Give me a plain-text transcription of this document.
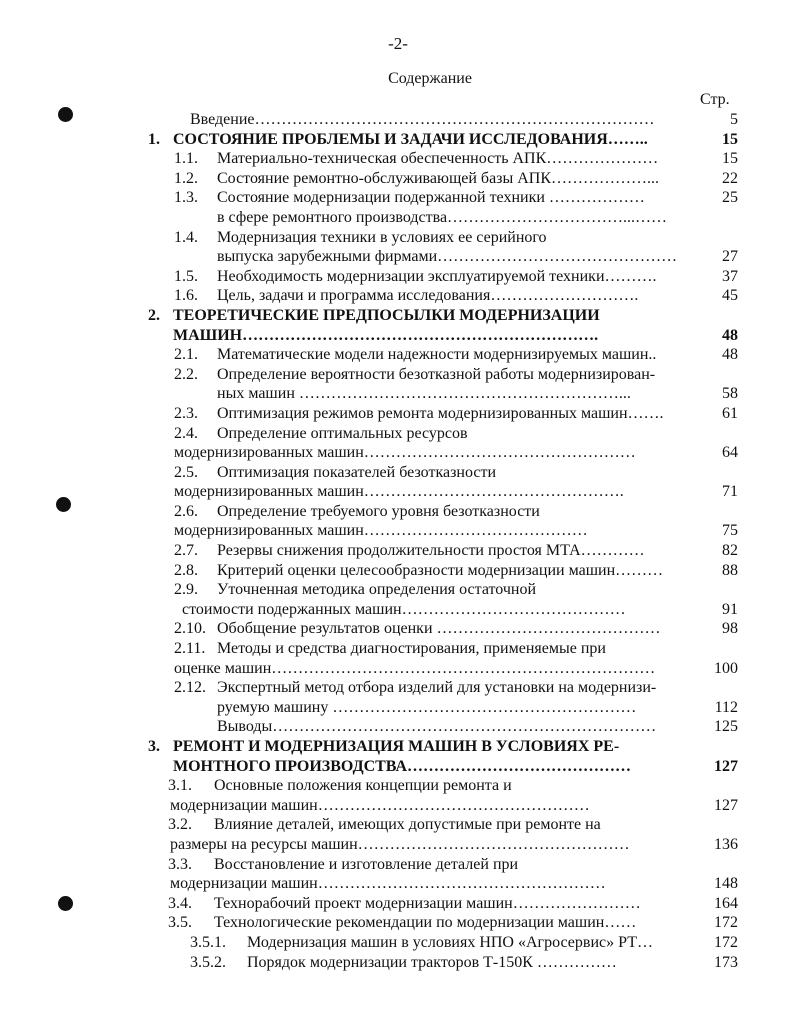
-2-
Содержание
Стр.
Введение…………………………………………………………………	5
1. СОСТОЯНИЕ ПРОБЛЕМЫ И ЗАДАЧИ ИССЛЕДОВАНИЯ……..	15
1.1. Материально-техническая обеспеченность АПК…………………	15
1.2. Состояние ремонтно-обслуживающей базы АПК………………...	22
1.3. Состояние модернизации подержанной техники ………………	25
в сфере ремонтного производства……………………………...……
1.4. Модернизация техники в условиях ее серийного
выпуска зарубежными фирмами………………………………………	27
1.5. Необходимость модернизации эксплуатируемой техники……….	37
1.6. Цель, задачи и программа исследования……………………….	45
2. ТЕОРЕТИЧЕСКИЕ ПРЕДПОСЫЛКИ МОДЕРНИЗАЦИИ
МАШИН………………………………………………………….	48
2.1. Математические модели надежности модернизируемых машин..	48
2.2. Определение вероятности безотказной работы модернизирован-
ных машин ……………………………………………………...	58
2.3. Оптимизация режимов ремонта модернизированных машин…….	61
2.4. Определение оптимальных ресурсов
модернизированных машин……………………………………………	64
2.5. Оптимизация показателей безотказности
модернизированных машин………………………………………….	71
2.6. Определение требуемого уровня безотказности
модернизированных машин……………………………………	75
2.7. Резервы снижения продолжительности простоя МТА…………	82
2.8. Критерий оценки целесообразности модернизации машин………	88
2.9. Уточненная методика определения остаточной
стоимости подержанных машин……………………………………	91
2.10. Обобщение результатов оценки ……………………………………	98
2.11. Методы и средства диагностирования, применяемые при
оценке машин………………………………………………………………	100
2.12. Экспертный метод отбора изделий для установки на модернизи-
руемую машину …………………………………………………	112
Выводы………………………………………………………………	125
3. РЕМОНТ И МОДЕРНИЗАЦИЯ МАШИН В УСЛОВИЯХ РЕ-
МОНТНОГО ПРОИЗВОДСТВА……………………………………	127
3.1. Основные положения концепции ремонта и
модернизации машин……………………………………………	127
3.2. Влияние деталей, имеющих допустимые при ремонте на
размеры на ресурсы машин……………………………………………	136
3.3. Восстановление и изготовление деталей при
модернизации машин………………………………………………	148
3.4. Технорабочий проект модернизации машин……………………	164
3.5. Технологические рекомендации по модернизации машин……	172
3.5.1. Модернизация машин в условиях НПО «Агросервис» РТ…	172
3.5.2. Порядок модернизации тракторов Т-150К ……………	173
